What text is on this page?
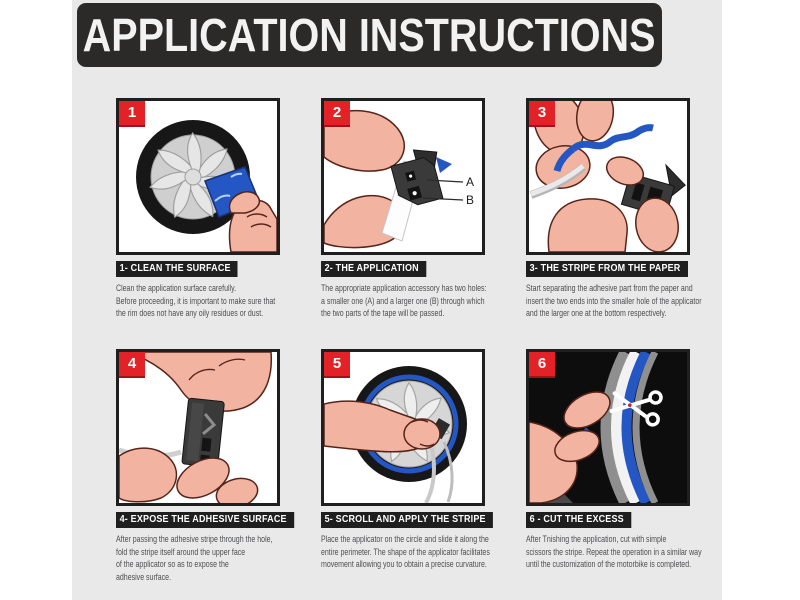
APPLICATION INSTRUCTIONS
1
1- CLEAN THE SURFACE
Clean the application surface carefully.
Before proceeding, it is important to make sure that
the rim does not have any oily residues or dust.
A
B
2
2- THE APPLICATION
The appropriate application accessory has two holes:
a smaller one (A) and a larger one (B) through which
the two parts of the tape will be passed.
3
3- THE STRIPE FROM THE PAPER
Start separating the adhesive part from the paper and
insert the two ends into the smaller hole of the applicator
and the larger one at the bottom respectively.
4
4- EXPOSE THE ADHESIVE SURFACE
After passing the adhesive stripe through the hole,
fold the stripe itself around the upper face
of the applicator so as to expose the
adhesive surface.
5
5- SCROLL AND APPLY THE STRIPE
Place the applicator on the circle and slide it along the
entire perimeter. The shape of the applicator facilitates
movement allowing you to obtain a precise curvature.
6
6 - CUT THE EXCESS
After Tnishing the application, cut with simple
scissors the stripe. Repeat the operation in a similar way
until the customization of the motorbike is completed.
